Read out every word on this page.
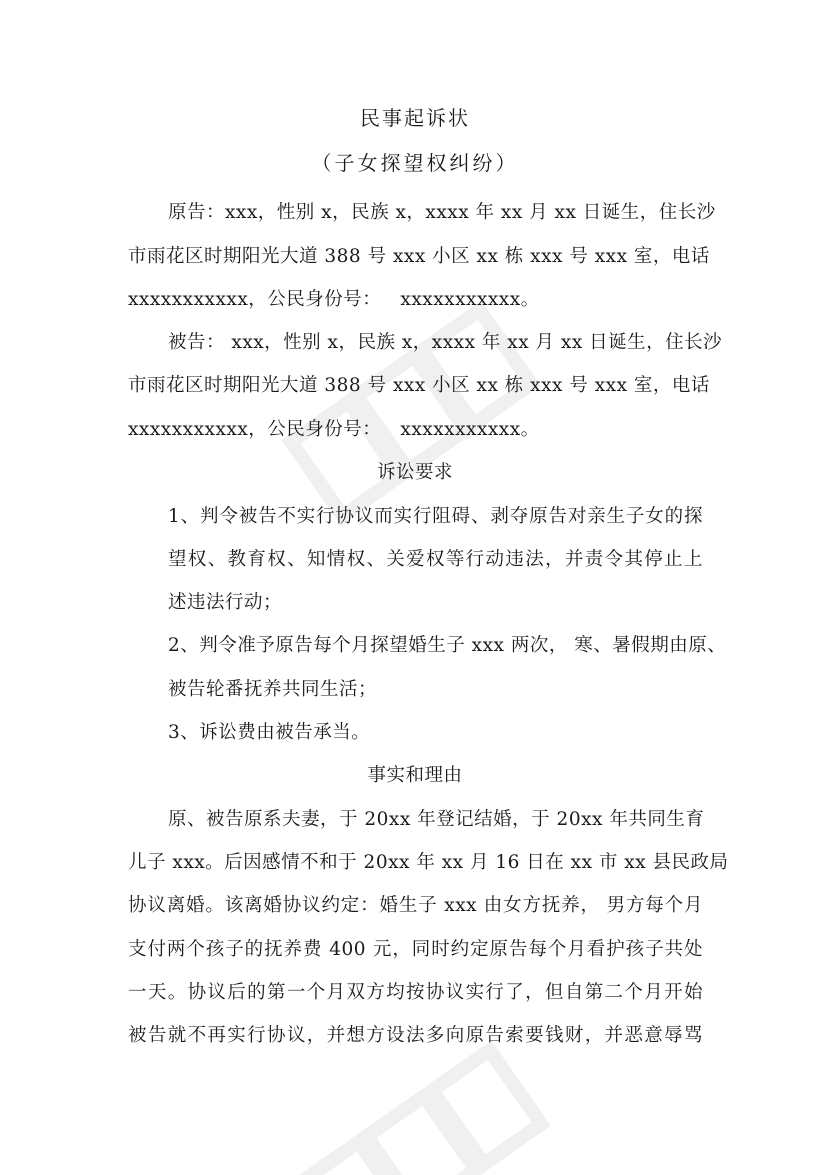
民事起诉状
（子女探望权纠纷）
原告：xxx，性别 x，民族 x，xxxx 年 xx 月 xx 日诞生，住长沙
市雨花区时期阳光大道 388 号 xxx 小区 xx 栋 xxx 号 xxx 室，电话
xxxxxxxxxxx，公民身份号：   xxxxxxxxxxx。
被告： xxx，性别 x，民族 x，xxxx 年 xx 月 xx 日诞生，住长沙
市雨花区时期阳光大道 388 号 xxx 小区 xx 栋 xxx 号 xxx 室，电话
xxxxxxxxxxx，公民身份号：   xxxxxxxxxxx。
诉讼要求
1、判令被告不实行协议而实行阻碍、剥夺原告对亲生子女的探
望权、教育权、知情权、关爱权等行动违法，并责令其停止上
述违法行动；
2、判令准予原告每个月探望婚生子 xxx 两次， 寒、暑假期由原、
被告轮番抚养共同生活；
3、诉讼费由被告承当。
事实和理由
原、被告原系夫妻，于 20xx 年登记结婚，于 20xx 年共同生育
儿子 xxx。后因感情不和于 20xx 年 xx 月 16 日在 xx 市 xx 县民政局
协议离婚。该离婚协议约定：婚生子 xxx 由女方抚养， 男方每个月
支付两个孩子的抚养费 400 元，同时约定原告每个月看护孩子共处
一天。协议后的第一个月双方均按协议实行了，但自第二个月开始
被告就不再实行协议，并想方设法多向原告索要钱财，并恶意辱骂
